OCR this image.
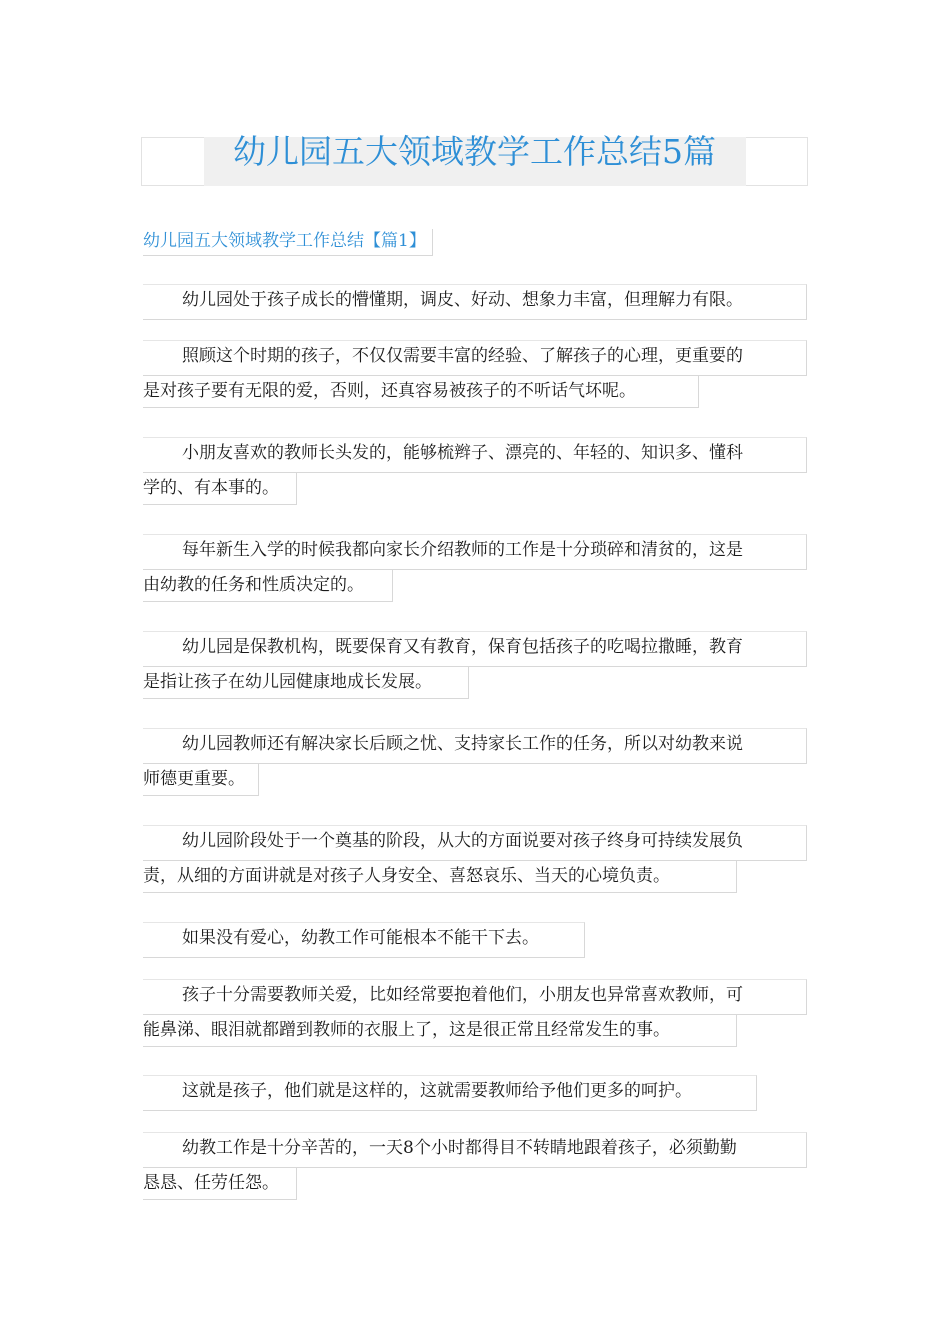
幼儿园五大领域教学工作总结5篇
幼儿园五大领域教学工作总结【篇1】
幼儿园处于孩子成长的懵懂期，调皮、好动、想象力丰富，但理解力有限。
照顾这个时期的孩子，不仅仅需要丰富的经验、了解孩子的心理，更重要的
是对孩子要有无限的爱，否则，还真容易被孩子的不听话气坏呢。
小朋友喜欢的教师长头发的，能够梳辫子、漂亮的、年轻的、知识多、懂科
学的、有本事的。
每年新生入学的时候我都向家长介绍教师的工作是十分琐碎和清贫的，这是
由幼教的任务和性质决定的。
幼儿园是保教机构，既要保育又有教育，保育包括孩子的吃喝拉撒睡，教育
是指让孩子在幼儿园健康地成长发展。
幼儿园教师还有解决家长后顾之忧、支持家长工作的任务，所以对幼教来说
师德更重要。
幼儿园阶段处于一个奠基的阶段，从大的方面说要对孩子终身可持续发展负
责，从细的方面讲就是对孩子人身安全、喜怒哀乐、当天的心境负责。
如果没有爱心，幼教工作可能根本不能干下去。
孩子十分需要教师关爱，比如经常要抱着他们，小朋友也异常喜欢教师，可
能鼻涕、眼泪就都蹭到教师的衣服上了，这是很正常且经常发生的事。
这就是孩子，他们就是这样的，这就需要教师给予他们更多的呵护。
幼教工作是十分辛苦的，一天8个小时都得目不转睛地跟着孩子，必须勤勤
恳恳、任劳任怨。
